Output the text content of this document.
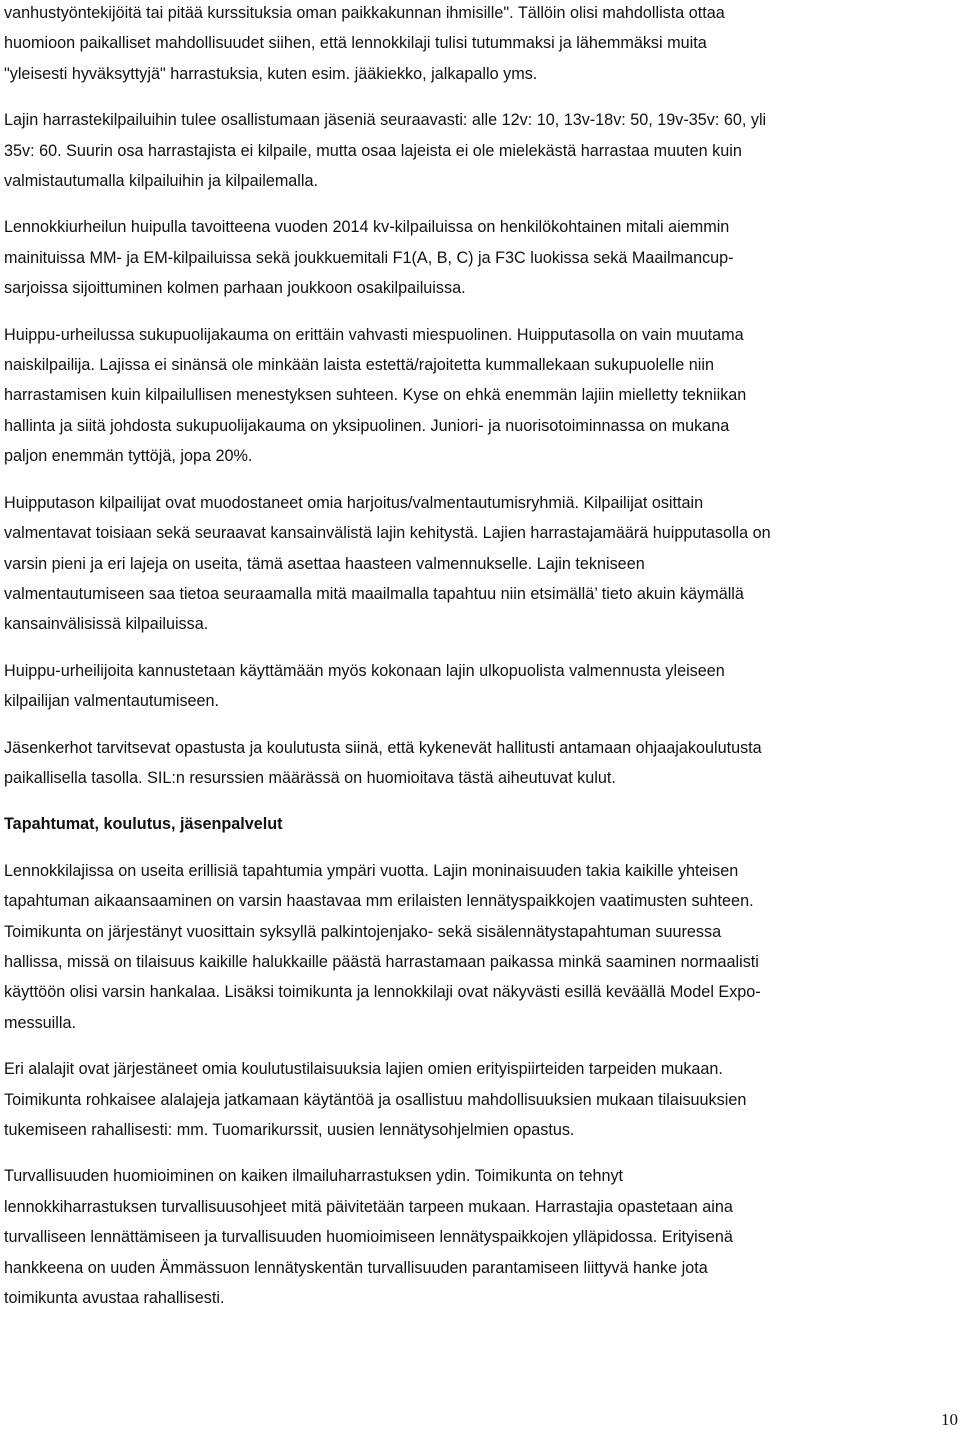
vanhustyöntekijöitä tai pitää kurssituksia oman paikkakunnan ihmisille". Tällöin olisi mahdollista ottaa
huomioon paikalliset mahdollisuudet siihen, että lennokkilaji tulisi tutummaksi ja lähemmäksi muita
"yleisesti hyväksyttyjä" harrastuksia, kuten esim. jääkiekko, jalkapallo yms.
Lajin harrastekilpailuihin tulee osallistumaan jäseniä seuraavasti: alle 12v: 10, 13v-18v: 50, 19v-35v: 60, yli
35v: 60. Suurin osa harrastajista ei kilpaile, mutta osaa lajeista ei ole mielekästä harrastaa muuten kuin
valmistautumalla kilpailuihin ja kilpailemalla.
Lennokkiurheilun huipulla tavoitteena vuoden 2014 kv-kilpailuissa on henkilökohtainen mitali aiemmin
mainituissa MM- ja EM-kilpailuissa sekä joukkuemitali F1(A, B, C) ja F3C luokissa sekä Maailmancup-
sarjoissa sijoittuminen kolmen parhaan joukkoon osakilpailuissa.
Huippu-urheilussa sukupuolijakauma on erittäin vahvasti miespuolinen. Huipputasolla on vain muutama
naiskilpailija. Lajissa ei sinänsä ole minkään laista estettä/rajoitetta kummallekaan sukupuolelle niin
harrastamisen kuin kilpailullisen menestyksen suhteen. Kyse on ehkä enemmän lajiin mielletty tekniikan
hallinta ja siitä johdosta sukupuolijakauma on yksipuolinen. Juniori- ja nuorisotoiminnassa on mukana
paljon enemmän tyttöjä, jopa 20%.
Huipputason kilpailijat ovat muodostaneet omia harjoitus/valmentautumisryhmiä. Kilpailijat osittain
valmentavat toisiaan sekä seuraavat kansainvälistä lajin kehitystä. Lajien harrastajamäärä huipputasolla on
varsin pieni ja eri lajeja on useita, tämä asettaa haasteen valmennukselle. Lajin tekniseen
valmentautumiseen saa tietoa seuraamalla mitä maailmalla tapahtuu niin etsimällä’ tieto akuin käymällä
kansainvälisissä kilpailuissa.
Huippu-urheilijoita kannustetaan käyttämään myös kokonaan lajin ulkopuolista valmennusta yleiseen
kilpailijan valmentautumiseen.
Jäsenkerhot tarvitsevat opastusta ja koulutusta siinä, että kykenevät hallitusti antamaan ohjaajakoulutusta
paikallisella tasolla. SIL:n resurssien määrässä on huomioitava tästä aiheutuvat kulut.
Tapahtumat, koulutus, jäsenpalvelut
Lennokkilajissa on useita erillisiä tapahtumia ympäri vuotta. Lajin moninaisuuden takia kaikille yhteisen
tapahtuman aikaansaaminen on varsin haastavaa mm erilaisten lennätyspaikkojen vaatimusten suhteen.
Toimikunta on järjestänyt vuosittain syksyllä palkintojenjako- sekä sisälennätystapahtuman suuressa
hallissa, missä on tilaisuus kaikille halukkaille päästä harrastamaan paikassa minkä saaminen normaalisti
käyttöön olisi varsin hankalaa. Lisäksi toimikunta ja lennokkilaji ovat näkyvästi esillä keväällä Model Expo-
messuilla.
Eri alalajit ovat järjestäneet omia koulutustilaisuuksia lajien omien erityispiirteiden tarpeiden mukaan.
Toimikunta rohkaisee alalajeja jatkamaan käytäntöä ja osallistuu mahdollisuuksien mukaan tilaisuuksien
tukemiseen rahallisesti: mm. Tuomarikurssit, uusien lennätysohjelmien opastus.
Turvallisuuden huomioiminen on kaiken ilmailuharrastuksen ydin. Toimikunta on tehnyt
lennokkiharrastuksen turvallisuusohjeet mitä päivitetään tarpeen mukaan. Harrastajia opastetaan aina
turvalliseen lennättämiseen ja turvallisuuden huomioimiseen lennätyspaikkojen ylläpidossa. Erityisenä
hankkeena on uuden Ämmässuon lennätyskentän turvallisuuden parantamiseen liittyvä hanke jota
toimikunta avustaa rahallisesti.
10
